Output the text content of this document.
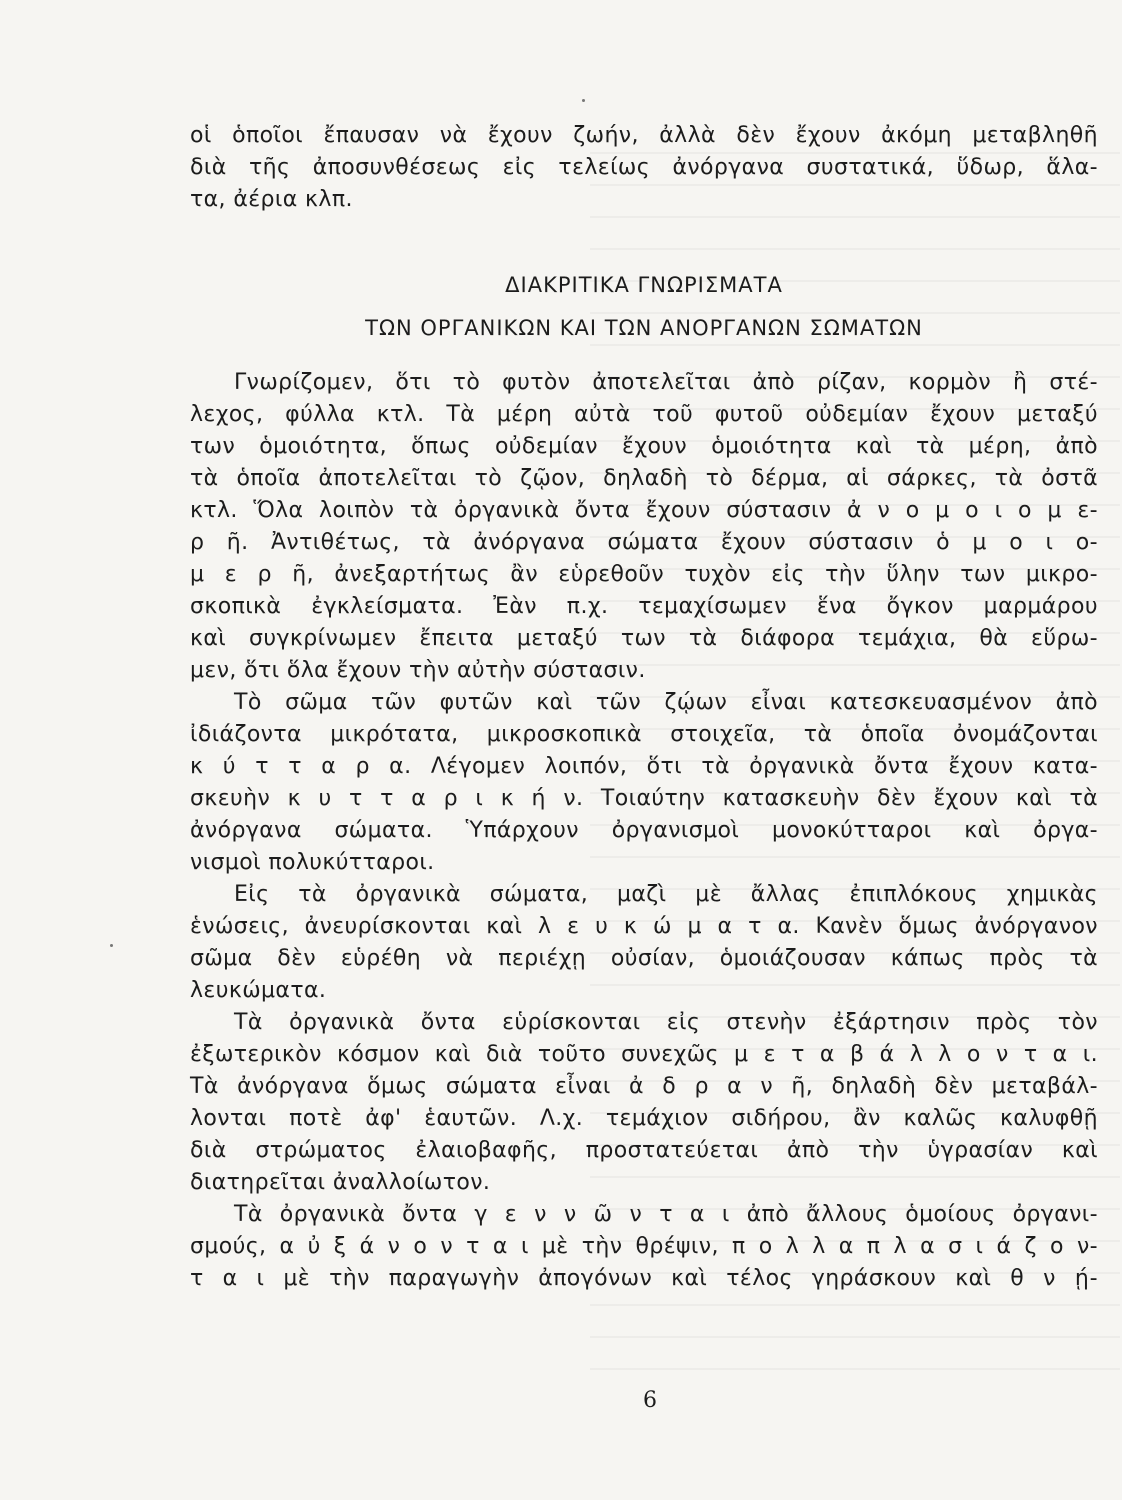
οἱ ὁποῖοι ἔπαυσαν νὰ ἔχουν ζωήν, ἀλλὰ δὲν ἔχουν ἀκόμη μεταβληθῆ
διὰ τῆς ἀποσυνθέσεως εἰς τελείως ἀνόργανα συστατικά, ὕδωρ, ἅλα-
τα, ἀέρια κλπ.
ΔΙΑΚΡΙΤΙΚΑ ΓΝΩΡΙΣΜΑΤΑ
ΤΩΝ ΟΡΓΑΝΙΚΩΝ ΚΑΙ ΤΩΝ ΑΝΟΡΓΑΝΩΝ ΣΩΜΑΤΩΝ
Γνωρίζομεν, ὅτι τὸ φυτὸν ἀποτελεῖται ἀπὸ ρίζαν, κορμὸν ἢ στέ-
λεχος, φύλλα κτλ. Τὰ μέρη αὐτὰ τοῦ φυτοῦ οὐδεμίαν ἔχουν μεταξύ
των ὁμοιότητα, ὅπως οὐδεμίαν ἔχουν ὁμοιότητα καὶ τὰ μέρη, ἀπὸ
τὰ ὁποῖα ἀποτελεῖται τὸ ζῷον, δηλαδὴ τὸ δέρμα, αἱ σάρκες, τὰ ὀστᾶ
κτλ. Ὅλα λοιπὸν τὰ ὀργανικὰ ὄντα ἔχουν σύστασιν ἀ ν ο μ ο ι ο μ ε-
ρ ῆ. Ἀντιθέτως, τὰ ἀνόργανα σώματα ἔχουν σύστασιν ὁ μ ο ι ο-
μ ε ρ ῆ, ἀνεξαρτήτως ἂν εὑρεθοῦν τυχὸν εἰς τὴν ὕλην των μικρο-
σκοπικὰ ἐγκλείσματα. Ἐὰν π.χ. τεμαχίσωμεν ἕνα ὄγκον μαρμάρου
καὶ συγκρίνωμεν ἔπειτα μεταξύ των τὰ διάφορα τεμάχια, θὰ εὕρω-
μεν, ὅτι ὅλα ἔχουν τὴν αὐτὴν σύστασιν.
Τὸ σῶμα τῶν φυτῶν καὶ τῶν ζῴων εἶναι κατεσκευασμένον ἀπὸ
ἰδιάζοντα μικρότατα, μικροσκοπικὰ στοιχεῖα, τὰ ὁποῖα ὀνομάζονται
κ ύ τ τ α ρ α. Λέγομεν λοιπόν, ὅτι τὰ ὀργανικὰ ὄντα ἔχουν κατα-
σκευὴν κ υ τ τ α ρ ι κ ή ν. Τοιαύτην κατασκευὴν δὲν ἔχουν καὶ τὰ
ἀνόργανα σώματα. Ὑπάρχουν ὀργανισμοὶ μονοκύτταροι καὶ ὀργα-
νισμοὶ πολυκύτταροι.
Εἰς τὰ ὀργανικὰ σώματα, μαζὶ μὲ ἄλλας ἐπιπλόκους χημικὰς
ἑνώσεις, ἀνευρίσκονται καὶ λ ε υ κ ώ μ α τ α. Κανὲν ὅμως ἀνόργανον
σῶμα δὲν εὑρέθη νὰ περιέχῃ οὐσίαν, ὁμοιάζουσαν κάπως πρὸς τὰ
λευκώματα.
Τὰ ὀργανικὰ ὄντα εὑρίσκονται εἰς στενὴν ἐξάρτησιν πρὸς τὸν
ἐξωτερικὸν κόσμον καὶ διὰ τοῦτο συνεχῶς μ ε τ α β ά λ λ ο ν τ α ι.
Τὰ ἀνόργανα ὅμως σώματα εἶναι ἀ δ ρ α ν ῆ, δηλαδὴ δὲν μεταβάλ-
λονται ποτὲ ἀφ' ἑαυτῶν. Λ.χ. τεμάχιον σιδήρου, ἂν καλῶς καλυφθῇ
διὰ στρώματος ἐλαιοβαφῆς, προστατεύεται ἀπὸ τὴν ὑγρασίαν καὶ
διατηρεῖται ἀναλλοίωτον.
Τὰ ὀργανικὰ ὄντα γ ε ν ν ῶ ν τ α ι ἀπὸ ἄλλους ὁμοίους ὀργανι-
σμούς, α ὐ ξ ά ν ο ν τ α ι μὲ τὴν θρέψιν, π ο λ λ α π λ α σ ι ά ζ ο ν-
τ α ι μὲ τὴν παραγωγὴν ἀπογόνων καὶ τέλος γηράσκουν καὶ θ ν ῄ-
6
